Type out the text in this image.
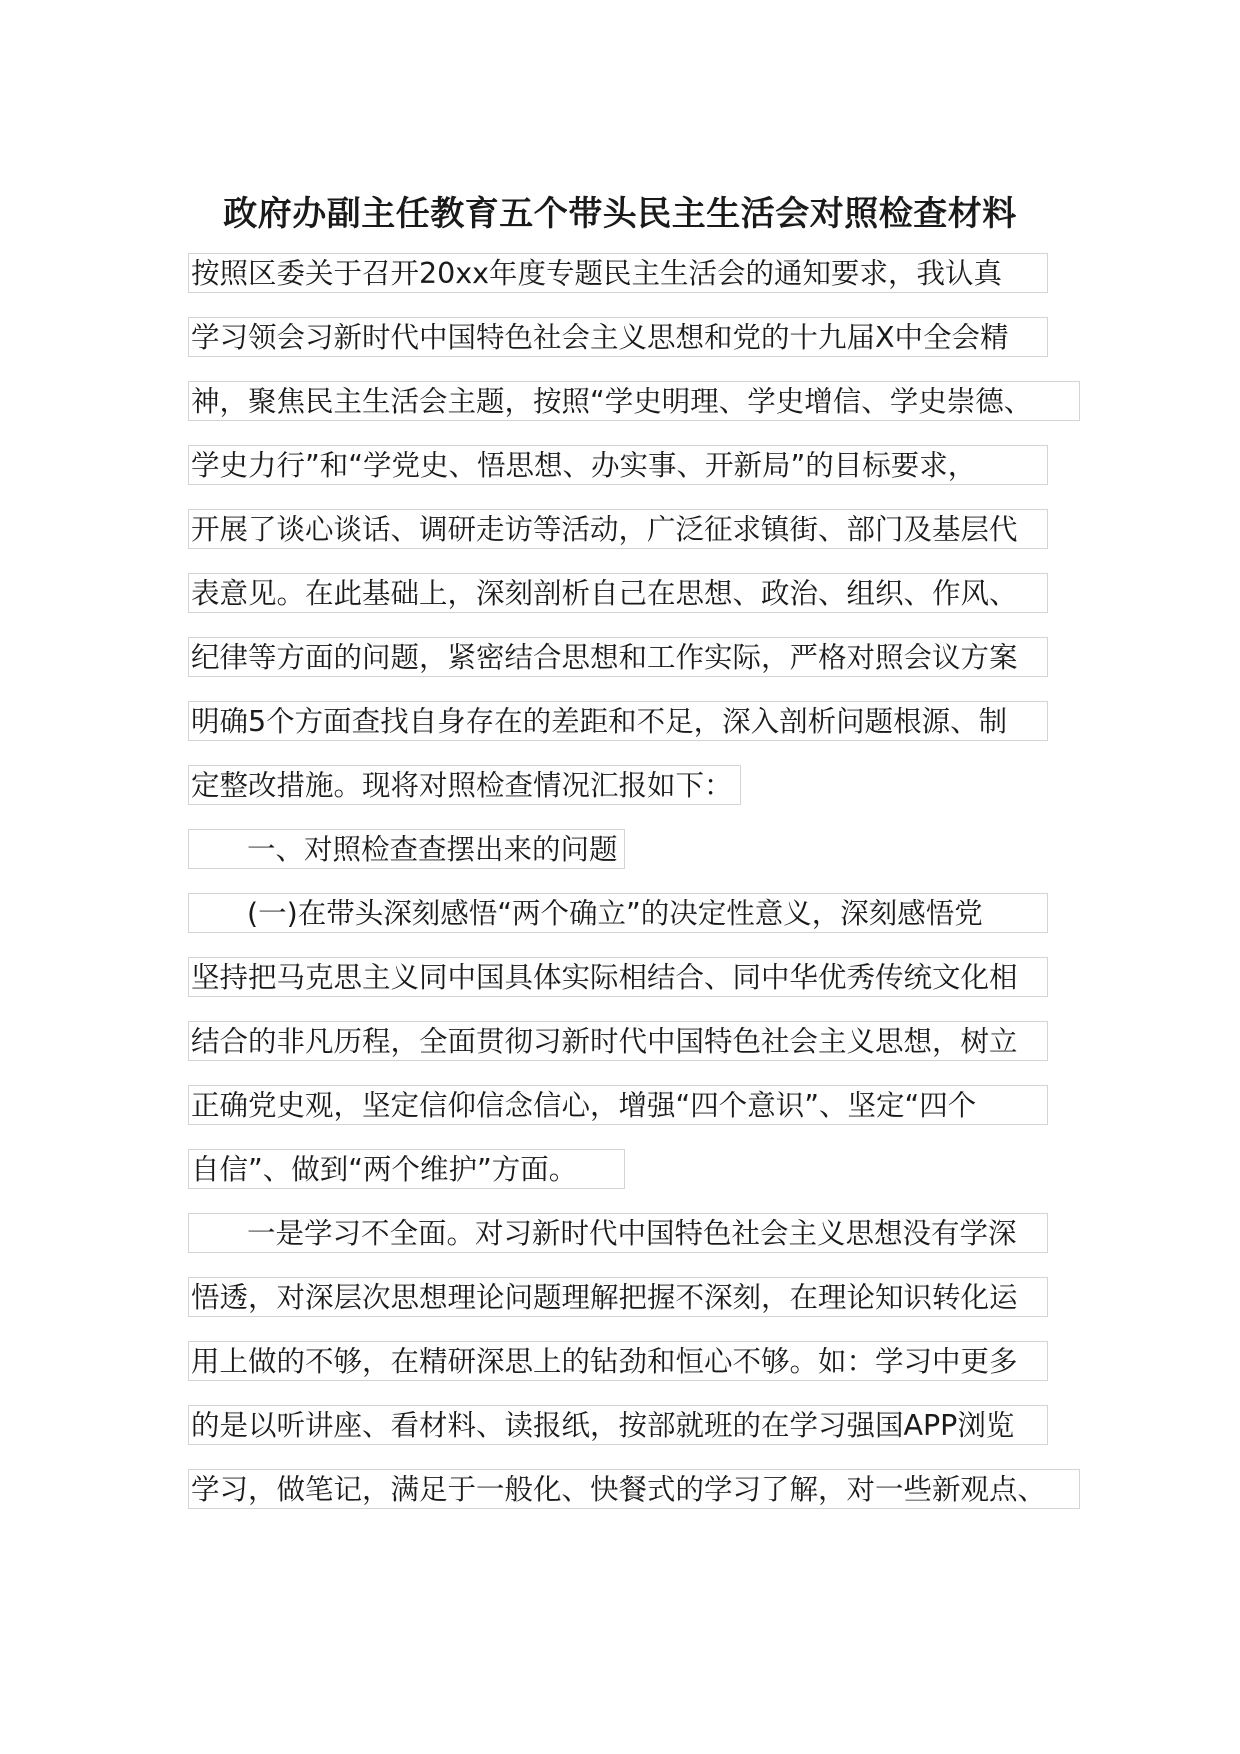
政府办副主任教育五个带头民主生活会对照检查材料
按照区委关于召开20xx年度专题民主生活会的通知要求，我认真
学习领会习新时代中国特色社会主义思想和党的十九届X中全会精
神，聚焦民主生活会主题，按照“学史明理、学史增信、学史崇德、
学史力行”和“学党史、悟思想、办实事、开新局”的目标要求，
开展了谈心谈话、调研走访等活动，广泛征求镇街、部门及基层代
表意见。在此基础上，深刻剖析自己在思想、政治、组织、作风、
纪律等方面的问题，紧密结合思想和工作实际，严格对照会议方案
明确5个方面查找自身存在的差距和不足，深入剖析问题根源、制
定整改措施。现将对照检查情况汇报如下：
一、对照检查查摆出来的问题
(一)在带头深刻感悟“两个确立”的决定性意义，深刻感悟党
坚持把马克思主义同中国具体实际相结合、同中华优秀传统文化相
结合的非凡历程，全面贯彻习新时代中国特色社会主义思想，树立
正确党史观，坚定信仰信念信心，增强“四个意识”、坚定“四个
自信”、做到“两个维护”方面。
一是学习不全面。对习新时代中国特色社会主义思想没有学深
悟透，对深层次思想理论问题理解把握不深刻，在理论知识转化运
用上做的不够，在精研深思上的钻劲和恒心不够。如：学习中更多
的是以听讲座、看材料、读报纸，按部就班的在学习强国APP浏览
学习，做笔记，满足于一般化、快餐式的学习了解，对一些新观点、
